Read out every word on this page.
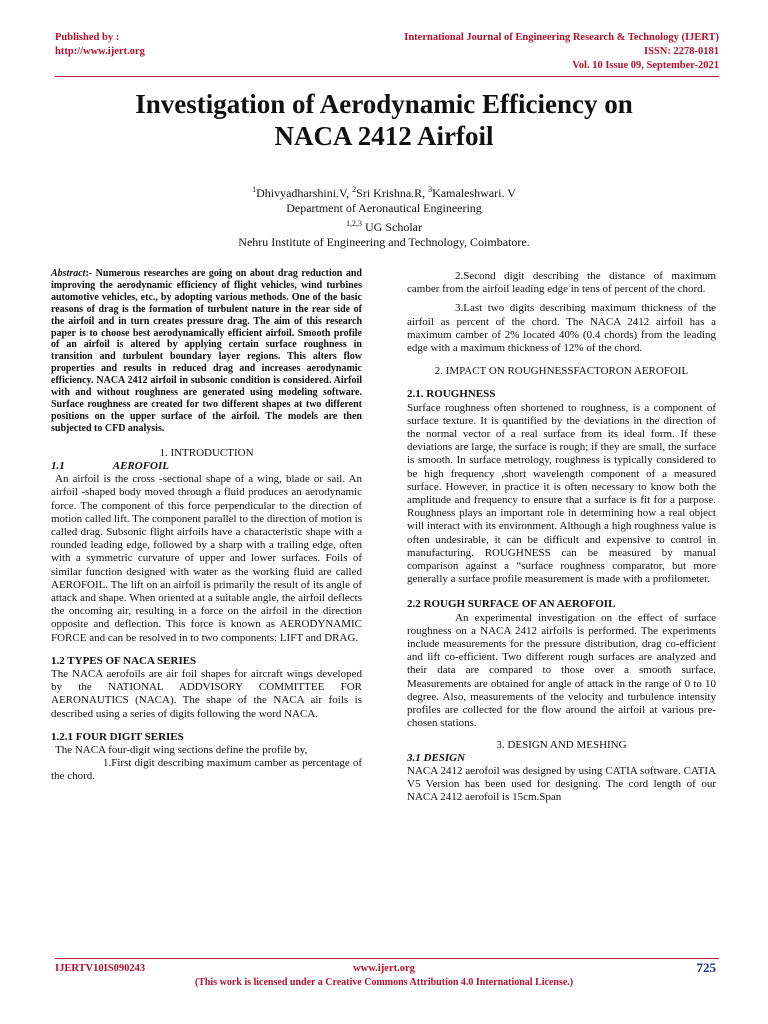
Published by :
http://www.ijert.org
International Journal of Engineering Research & Technology (IJERT)
ISSN: 2278-0181
Vol. 10 Issue 09, September-2021
Investigation of Aerodynamic Efficiency on
NACA 2412 Airfoil
$^1$Dhivyadharshini.V, $^2$Sri Krishna.R, $^3$Kamaleshwari. V
Department of Aeronautical Engineering
$^{1,2,3}$ UG Scholar
Nehru Institute of Engineering and Technology, Coimbatore.

Abstract:- Numerous researches are going on about drag reduction and improving the aerodynamic efficiency of flight vehicles, wind turbines automotive vehicles, etc., by adopting various methods. One of the basic reasons of drag is the formation of turbulent nature in the rear side of the airfoil and in turn creates pressure drag. The aim of this research paper is to choose best aerodynamically efficient airfoil. Smooth profile of an airfoil is altered by applying certain surface roughness in transition and turbulent boundary layer regions. This alters flow properties and results in reduced drag and increases aerodynamic efficiency. NACA 2412 airfoil in subsonic condition is considered. Airfoil with and without roughness are generated using modeling software. Surface roughness are created for two different shapes at two different positions on the upper surface of the airfoil. The models are then subjected to CFD analysis.

1. INTRODUCTION

1.1	AEROFOIL

An airfoil is the cross -sectional shape of a wing, blade or sail. An airfoil -shaped body moved through a fluid produces an aerodynamic force. The component of this force perpendicular to the direction of motion called lift. The component parallel to the direction of motion is called drag. Subsonic flight airfoils have a characteristic shape with a rounded leading edge, followed by a sharp with a trailing edge, often with a symmetric curvature of upper and lower surfaces. Foils of similar function designed with water as the working fluid are called AEROFOIL. The lift on an airfoil is primarily the result of its angle of attack and shape. When oriented at a suitable angle, the airfoil deflects the oncoming air, resulting in a force on the airfoil in the direction opposite and deflection. This force is known as AERODYNAMIC FORCE and can be resolved in to two components: LIFT and DRAG.

1.2 TYPES OF NACA SERIES

The NACA aerofoils are air foil shapes for aircraft wings developed by the NATIONAL ADDVISORY COMMITTEE FOR AERONAUTICS (NACA). The shape of the NACA air foils is described using a series of digits following the word NACA.

1.2.1 FOUR DIGIT SERIES

The NACA four-digit wing sections define the profile by,

1.First digit describing maximum camber as percentage of the chord.

2.Second digit describing the distance of maximum camber from the airfoil leading edge in tens of percent of the chord.

3.Last two digits describing maximum thickness of the airfoil as percent of the chord. The NACA 2412 airfoil has a maximum camber of 2% located 40% (0.4 chords) from the leading edge with a maximum thickness of 12% of the chord.

2. IMPACT ON ROUGHNESSFACTORON AEROFOIL

2.1. ROUGHNESS

Surface roughness often shortened to roughness, is a component of surface texture. It is quantified by the deviations in the direction of the normal vector of a real surface from its ideal form. If these deviations are large, the surface is rough; if they are small, the surface is smooth. In surface metrology, roughness is typically considered to be high frequency ,short wavelength component of a measured surface. However, in practice it is often necessary to know both the amplitude and frequency to ensure that a surface is fit for a purpose. Roughness plays an important role in determining how a real object will interact with its environment. Although a high roughness value is often undesirable, it can be difficult and expensive to control in manufacturing. ROUGHNESS can be measured by manual comparison against a “surface roughness comparator, but more generally a surface profile measurement is made with a profilometer.

2.2 ROUGH SURFACE OF AN AEROFOIL

An experimental investigation on the effect of surface roughness on a NACA 2412 airfoils is performed. The experiments include measurements for the pressure distribution, drag co-efficient and lift co-efficient. Two different rough surfaces are analyzed and their data are compared to those over a smooth surface. Measurements are obtained for angle of attack in the range of 0 to 10 degree. Also, measurements of the velocity and turbulence intensity profiles are collected for the flow around the airfoil at various pre- chosen stations.

3. DESIGN AND MESHING

3.1 DESIGN

NACA 2412 aerofoil was designed by using CATIA software. CATIA V5 Version has been used for designing. The cord length of our NACA 2412 aerofoil is 15cm.Span

IJERTV10IS090243	www.ijert.org	725
(This work is licensed under a Creative Commons Attribution 4.0 International License.)
